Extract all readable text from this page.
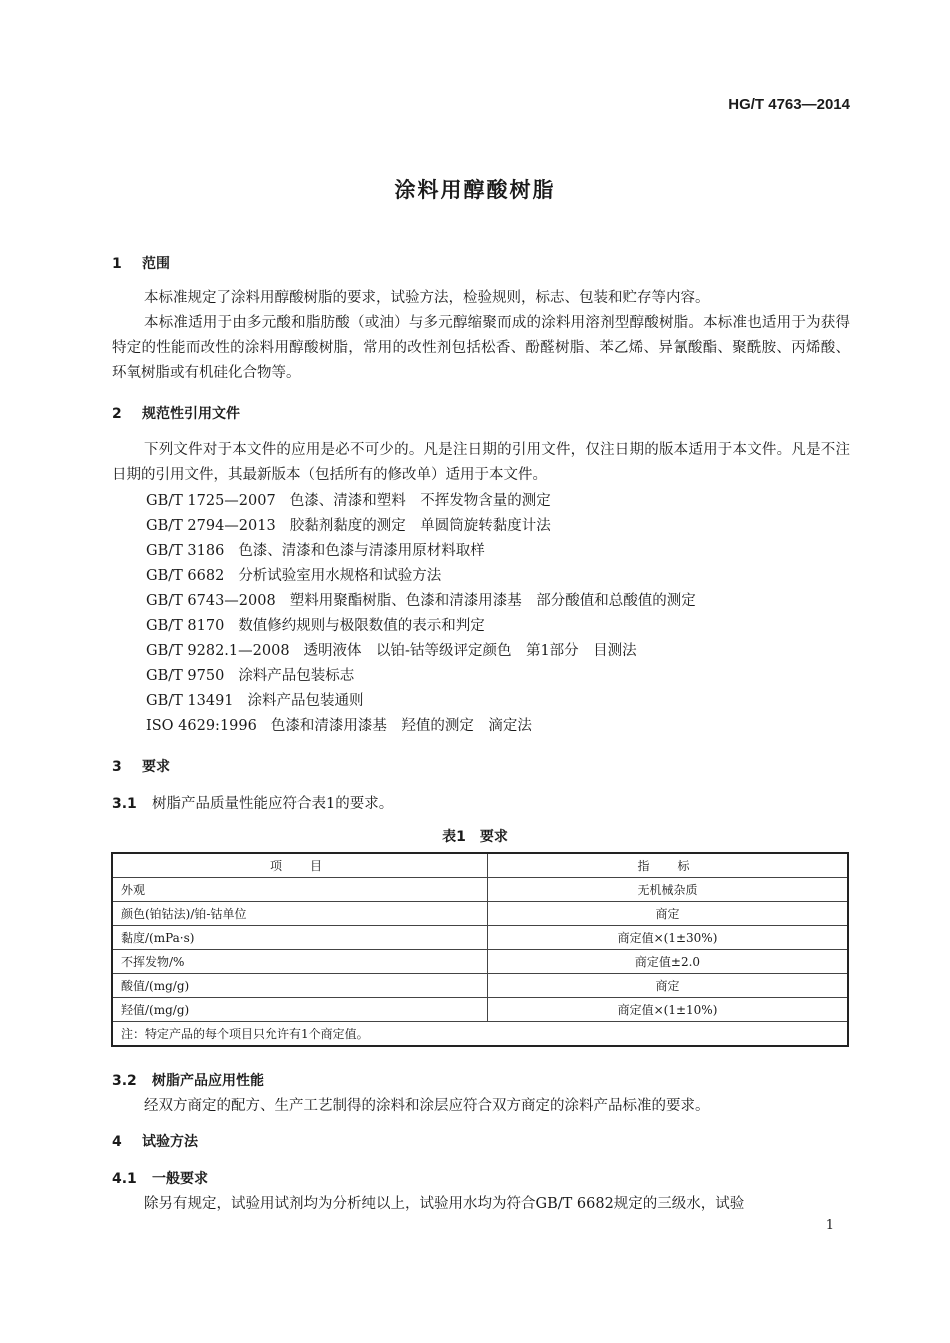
HG/T 4763—2014
涂料用醇酸树脂
1 范围

本标准规定了涂料用醇酸树脂的要求，试验方法，检验规则，标志、包装和贮存等内容。

本标准适用于由多元酸和脂肪酸（或油）与多元醇缩聚而成的涂料用溶剂型醇酸树脂。本标准也适用于为获得特定的性能而改性的涂料用醇酸树脂，常用的改性剂包括松香、酚醛树脂、苯乙烯、异氰酸酯、聚酰胺、丙烯酸、环氧树脂或有机硅化合物等。

2 规范性引用文件

下列文件对于本文件的应用是必不可少的。凡是注日期的引用文件，仅注日期的版本适用于本文件。凡是不注日期的引用文件，其最新版本（包括所有的修改单）适用于本文件。

GB/T 1725—2007 色漆、清漆和塑料　不挥发物含量的测定
GB/T 2794—2013 胶黏剂黏度的测定　单圆筒旋转黏度计法
GB/T 3186 色漆、清漆和色漆与清漆用原材料取样
GB/T 6682 分析试验室用水规格和试验方法
GB/T 6743—2008 塑料用聚酯树脂、色漆和清漆用漆基　部分酸值和总酸值的测定
GB/T 8170 数值修约规则与极限数值的表示和判定
GB/T 9282.1—2008 透明液体　以铂-钴等级评定颜色　第1部分　目测法
GB/T 9750 涂料产品包装标志
GB/T 13491 涂料产品包装通则
ISO 4629:1996 色漆和清漆用漆基　羟值的测定　滴定法
3 要求
3.1 树脂产品质量性能应符合表1的要求。
表1　要求
项　目	指　标
外观	无机械杂质
颜色(铂钴法)/铂-钴单位	商定
黏度/(mPa·s)	商定值×(1±30%)
不挥发物/%	商定值±2.0
酸值/(mg/g)	商定
羟值/(mg/g)	商定值×(1±10%)
注：特定产品的每个项目只允许有1个商定值。	
3.2 树脂产品应用性能

经双方商定的配方、生产工艺制得的涂料和涂层应符合双方商定的涂料产品标准的要求。

4 试验方法
4.1 一般要求

除另有规定，试验用试剂均为分析纯以上，试验用水均为符合GB/T 6682规定的三级水，试验

1
